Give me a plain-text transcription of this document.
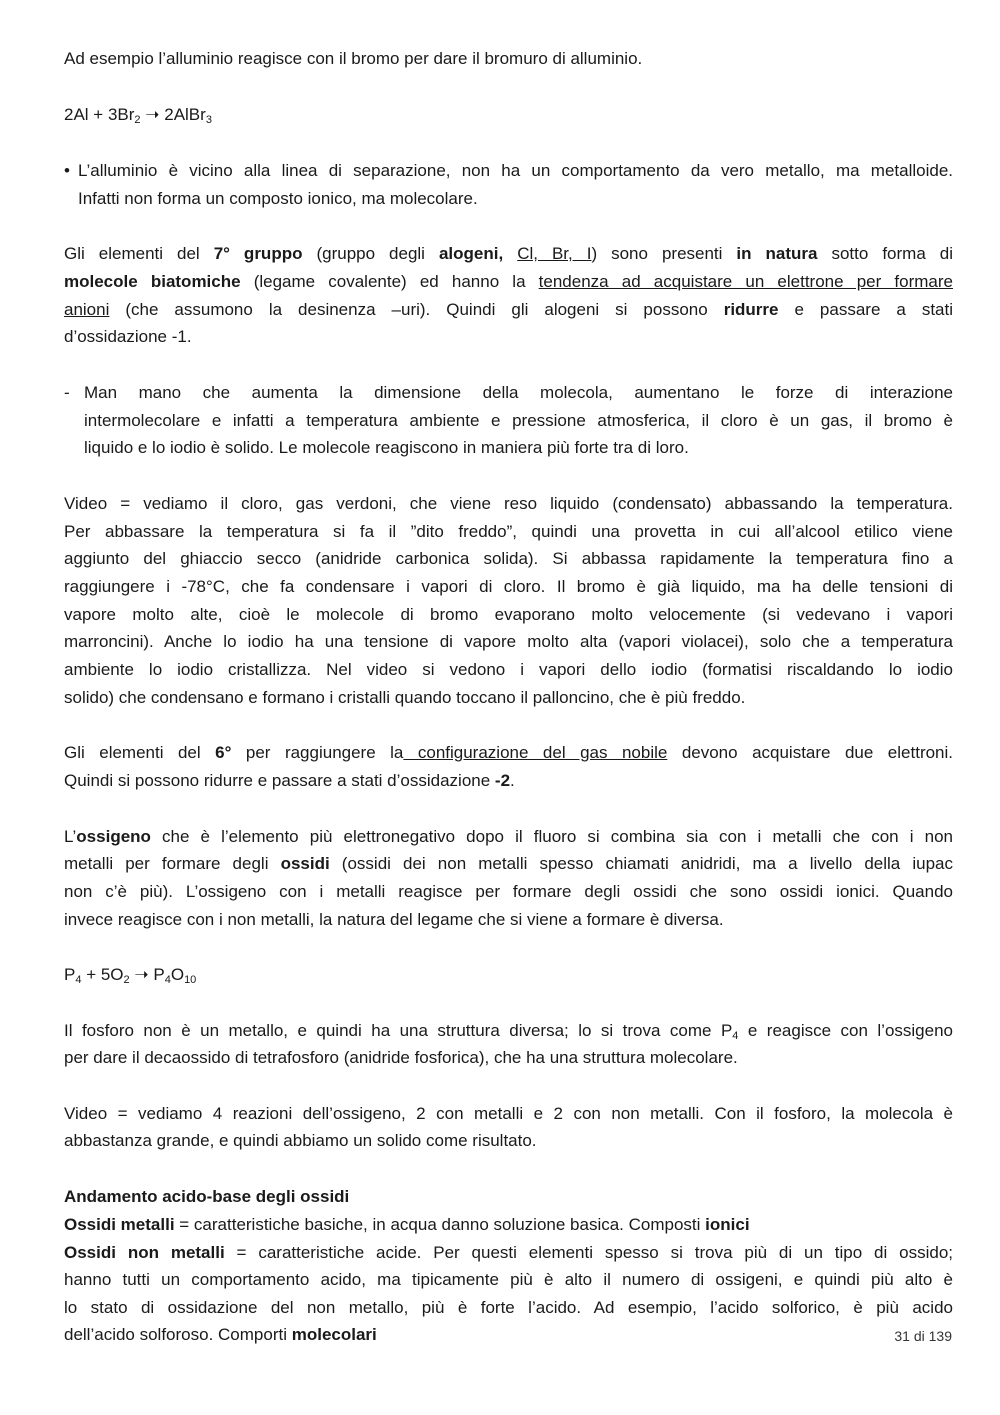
Ad esempio l’alluminio reagisce con il bromo per dare il bromuro di alluminio.
$2Al + 3Br_2$ ➝ 2AlBr$_3$
• L’alluminio è vicino alla linea di separazione, non ha un comportamento da vero metallo, ma metalloide.
Infatti non forma un composto ionico, ma molecolare.
Gli elementi del 7° gruppo (gruppo degli alogeni, Cl, Br, I) sono presenti in natura sotto forma di
molecole biatomiche (legame covalente) ed hanno la tendenza ad acquistare un elettrone per formare
anioni (che assumono la desinenza –uri). Quindi gli alogeni si possono ridurre e passare a stati
d’ossidazione -1.
- Man mano che aumenta la dimensione della molecola, aumentano le forze di interazione
intermolecolare e infatti a temperatura ambiente e pressione atmosferica, il cloro è un gas, il bromo è
liquido e lo iodio è solido. Le molecole reagiscono in maniera più forte tra di loro.
Video = vediamo il cloro, gas verdoni, che viene reso liquido (condensato) abbassando la temperatura.
Per abbassare la temperatura si fa il ”dito freddo”, quindi una provetta in cui all’alcool etilico viene
aggiunto del ghiaccio secco (anidride carbonica solida). Si abbassa rapidamente la temperatura fino a
raggiungere i -78°C, che fa condensare i vapori di cloro. Il bromo è già liquido, ma ha delle tensioni di
vapore molto alte, cioè le molecole di bromo evaporano molto velocemente (si vedevano i vapori
marroncini). Anche lo iodio ha una tensione di vapore molto alta (vapori violacei), solo che a temperatura
ambiente lo iodio cristallizza. Nel video si vedono i vapori dello iodio (formatisi riscaldando lo iodio
solido) che condensano e formano i cristalli quando toccano il palloncino, che è più freddo.
Gli elementi del 6° per raggiungere la configurazione del gas nobile devono acquistare due elettroni.
Quindi si possono ridurre e passare a stati d’ossidazione -2.
L’ossigeno che è l’elemento più elettronegativo dopo il fluoro si combina sia con i metalli che con i non
metalli per formare degli ossidi (ossidi dei non metalli spesso chiamati anidridi, ma a livello della iupac
non c’è più). L’ossigeno con i metalli reagisce per formare degli ossidi che sono ossidi ionici. Quando
invece reagisce con i non metalli, la natura del legame che si viene a formare è diversa.
$P_4 + 5O_2$ ➝ $P_4O_{10}$
Il fosforo non è un metallo, e quindi ha una struttura diversa; lo si trova come $P_4$ e reagisce con l’ossigeno
per dare il decaossido di tetrafosforo (anidride fosforica), che ha una struttura molecolare.
Video = vediamo 4 reazioni dell’ossigeno, 2 con metalli e 2 con non metalli. Con il fosforo, la molecola è
abbastanza grande, e quindi abbiamo un solido come risultato.
Andamento acido-base degli ossidi
Ossidi metalli = caratteristiche basiche, in acqua danno soluzione basica. Composti ionici
Ossidi non metalli = caratteristiche acide. Per questi elementi spesso si trova più di un tipo di ossido;
hanno tutti un comportamento acido, ma tipicamente più è alto il numero di ossigeni, e quindi più alto è
lo stato di ossidazione del non metallo, più è forte l’acido. Ad esempio, l’acido solforico, è più acido
dell’acido solforoso. Comporti molecolari	31 di 139
